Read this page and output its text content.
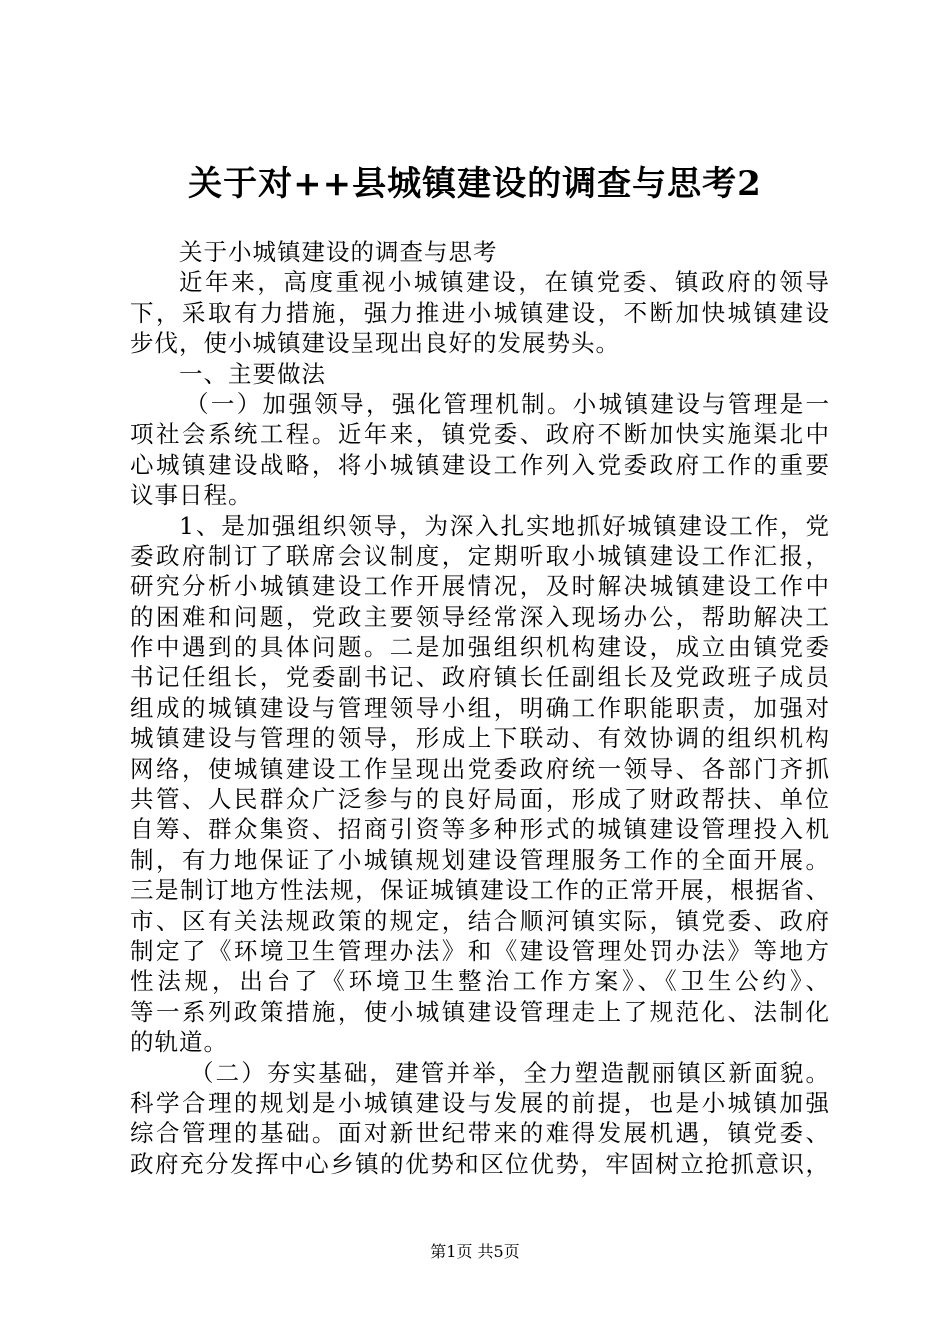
关于对++县城镇建设的调查与思考2
关于小城镇建设的调查与思考
近年来，高度重视小城镇建设，在镇党委、镇政府的领导
下，采取有力措施，强力推进小城镇建设，不断加快城镇建设
步伐，使小城镇建设呈现出良好的发展势头。
一、主要做法
（一）加强领导，强化管理机制。小城镇建设与管理是一
项社会系统工程。近年来，镇党委、政府不断加快实施渠北中
心城镇建设战略，将小城镇建设工作列入党委政府工作的重要
议事日程。
1、是加强组织领导，为深入扎实地抓好城镇建设工作，党
委政府制订了联席会议制度，定期听取小城镇建设工作汇报，
研究分析小城镇建设工作开展情况，及时解决城镇建设工作中
的困难和问题，党政主要领导经常深入现场办公，帮助解决工
作中遇到的具体问题。二是加强组织机构建设，成立由镇党委
书记任组长，党委副书记、政府镇长任副组长及党政班子成员
组成的城镇建设与管理领导小组，明确工作职能职责，加强对
城镇建设与管理的领导，形成上下联动、有效协调的组织机构
网络，使城镇建设工作呈现出党委政府统一领导、各部门齐抓
共管、人民群众广泛参与的良好局面，形成了财政帮扶、单位
自筹、群众集资、招商引资等多种形式的城镇建设管理投入机
制，有力地保证了小城镇规划建设管理服务工作的全面开展。
三是制订地方性法规，保证城镇建设工作的正常开展，根据省、
市、区有关法规政策的规定，结合顺河镇实际，镇党委、政府
制定了《环境卫生管理办法》和《建设管理处罚办法》等地方
性法规，出台了《环境卫生整治工作方案》、《卫生公约》、
等一系列政策措施，使小城镇建设管理走上了规范化、法制化
的轨道。
（二）夯实基础，建管并举，全力塑造靓丽镇区新面貌。
科学合理的规划是小城镇建设与发展的前提，也是小城镇加强
综合管理的基础。面对新世纪带来的难得发展机遇，镇党委、
政府充分发挥中心乡镇的优势和区位优势，牢固树立抢抓意识，
第1页 共5页
